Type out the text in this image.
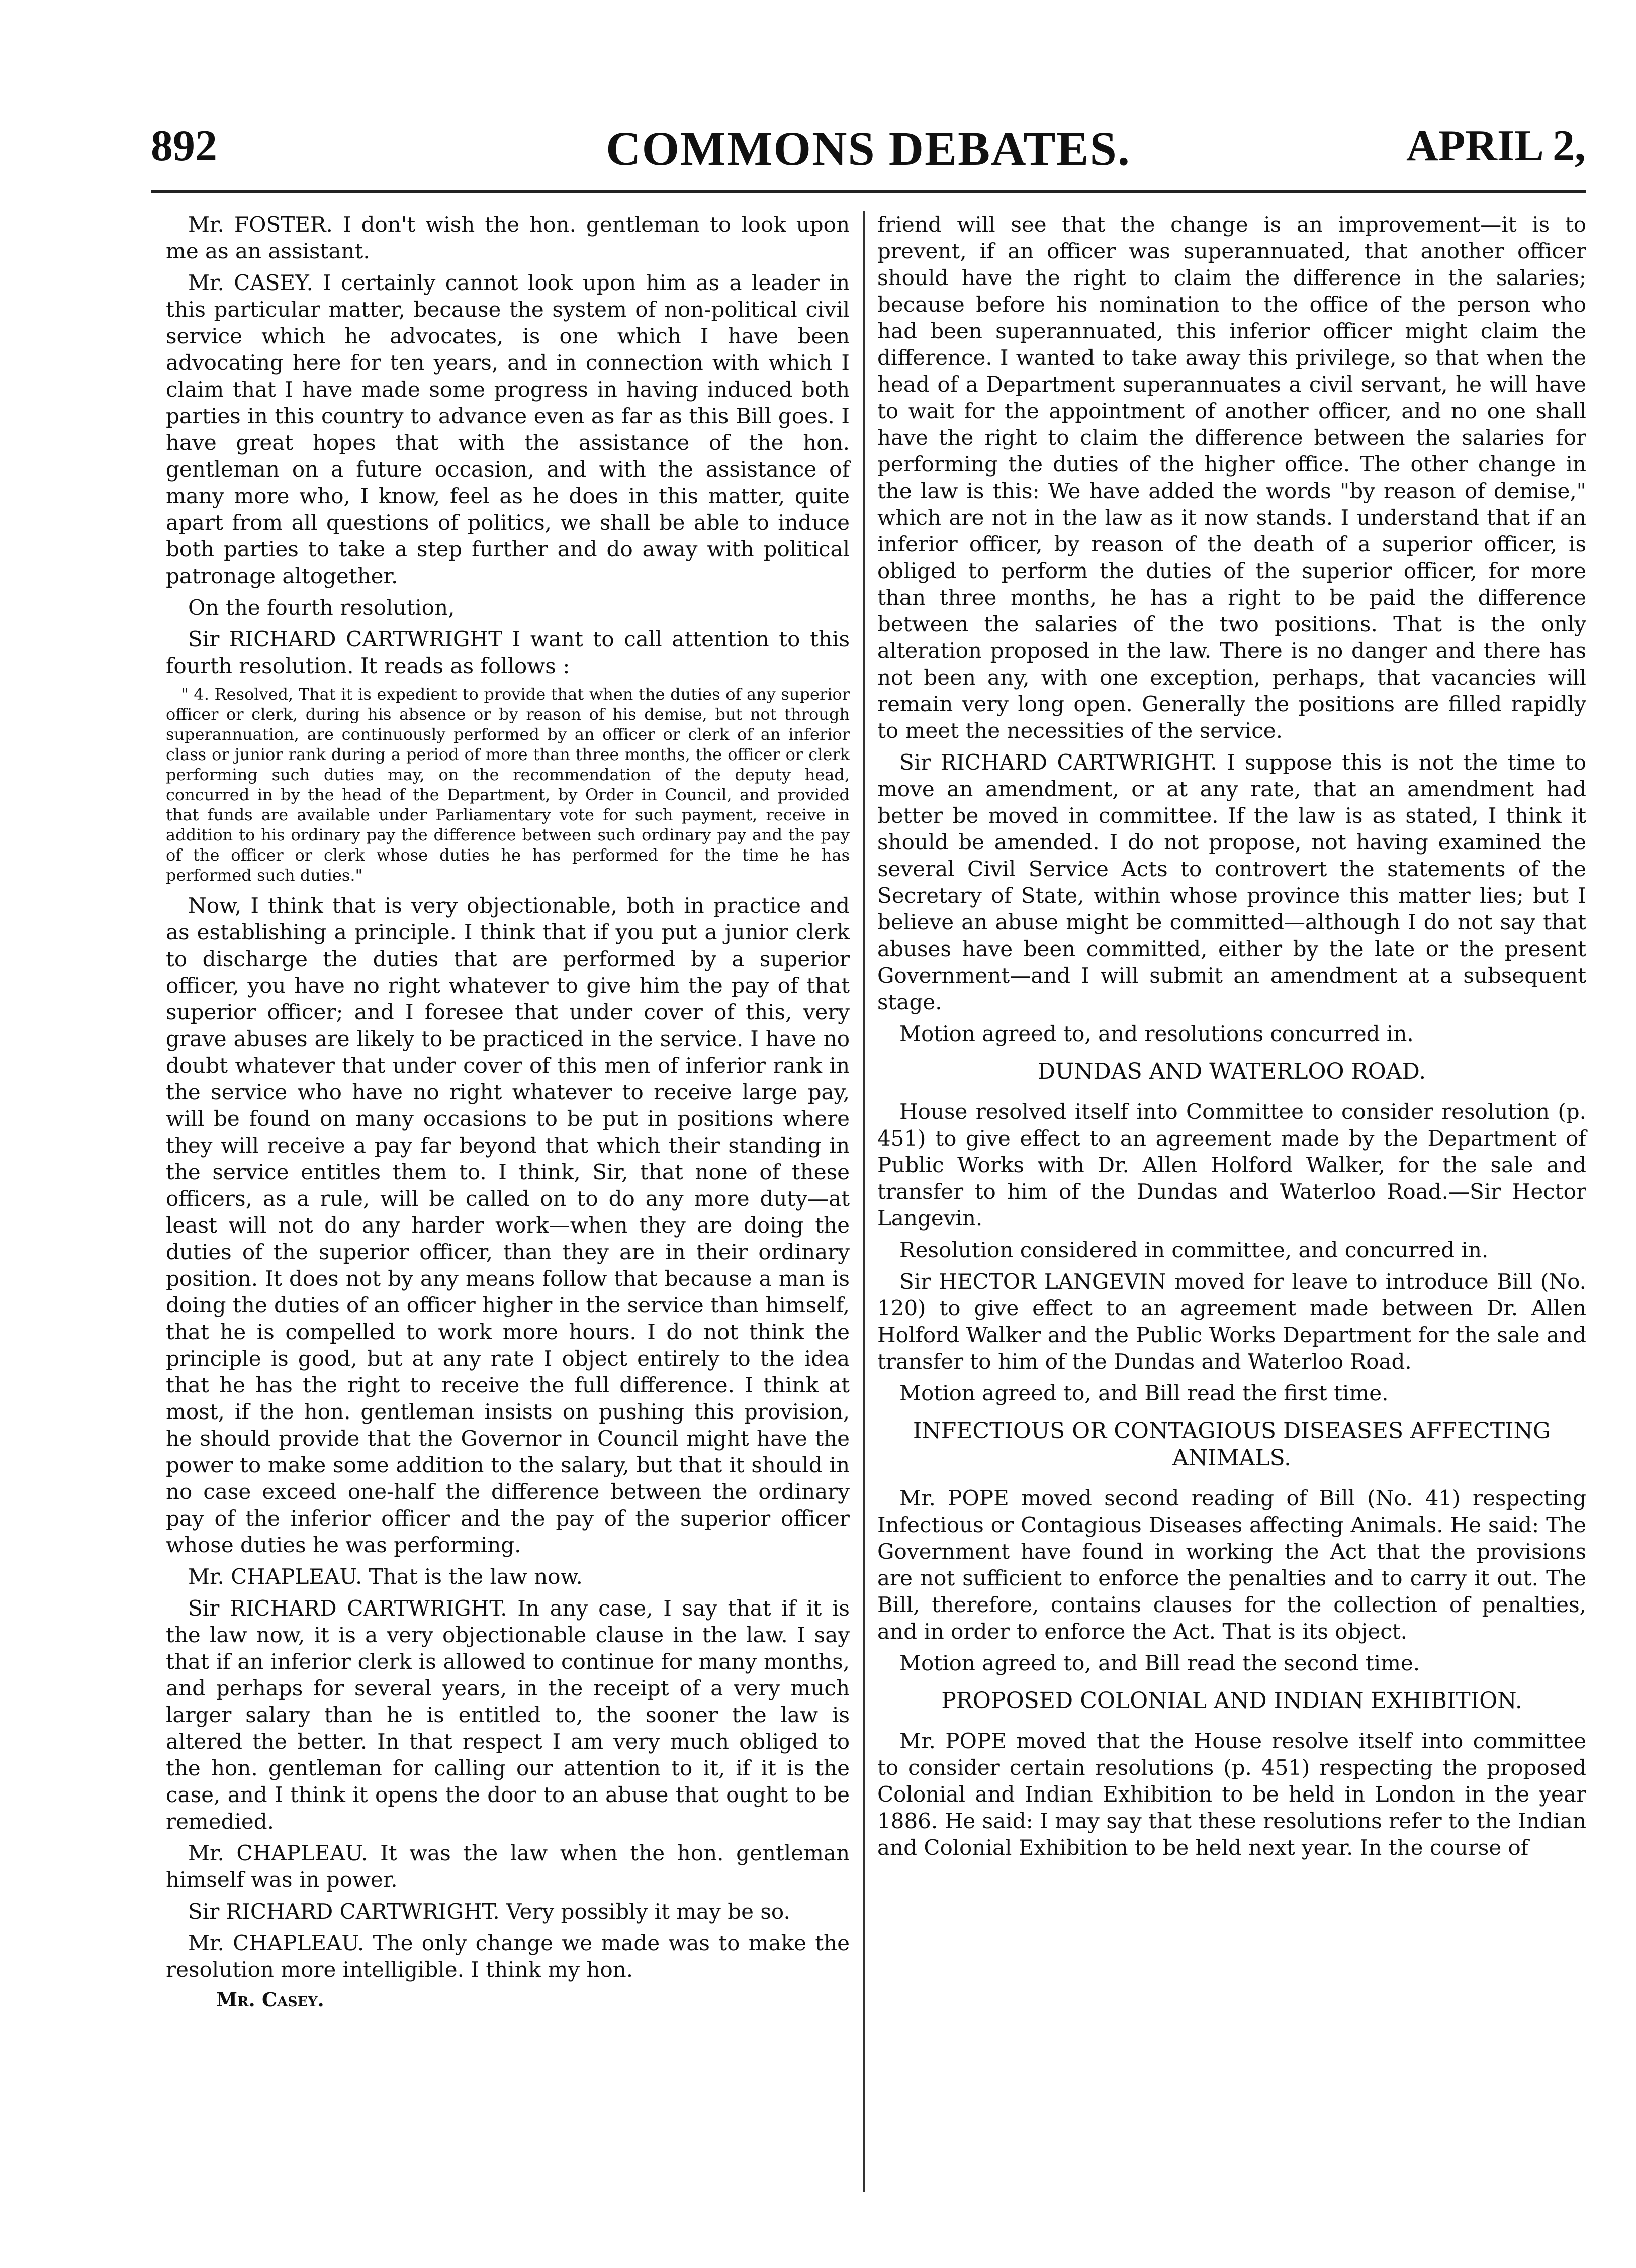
892	COMMONS DEBATES.	APRIL 2,

Mr. FOSTER. I don't wish the hon. gentleman to look upon me as an assistant.

Mr. CASEY. I certainly cannot look upon him as a leader in this particular matter, because the system of non-political civil service which he advocates, is one which I have been advocating here for ten years, and in connection with which I claim that I have made some progress in having induced both parties in this country to advance even as far as this Bill goes. I have great hopes that with the assistance of the hon. gentleman on a future occasion, and with the assistance of many more who, I know, feel as he does in this matter, quite apart from all questions of politics, we shall be able to induce both parties to take a step further and do away with political patronage altogether.

On the fourth resolution,

Sir RICHARD CARTWRIGHT I want to call attention to this fourth resolution. It reads as follows :

" 4. Resolved, That it is expedient to provide that when the duties of any superior officer or clerk, during his absence or by reason of his demise, but not through superannuation, are continuously performed by an officer or clerk of an inferior class or junior rank during a period of more than three months, the officer or clerk performing such duties may, on the recommendation of the deputy head, concurred in by the head of the Department, by Order in Council, and provided that funds are available under Parliamentary vote for such payment, receive in addition to his ordinary pay the difference between such ordinary pay and the pay of the officer or clerk whose duties he has performed for the time he has performed such duties."

Now, I think that is very objectionable, both in practice and as establishing a principle. I think that if you put a junior clerk to discharge the duties that are performed by a superior officer, you have no right whatever to give him the pay of that superior officer; and I foresee that under cover of this, very grave abuses are likely to be practiced in the service. I have no doubt whatever that under cover of this men of inferior rank in the service who have no right whatever to receive large pay, will be found on many occasions to be put in positions where they will receive a pay far beyond that which their standing in the service entitles them to. I think, Sir, that none of these officers, as a rule, will be called on to do any more duty—at least will not do any harder work—when they are doing the duties of the superior officer, than they are in their ordinary position. It does not by any means follow that because a man is doing the duties of an officer higher in the service than himself, that he is compelled to work more hours. I do not think the principle is good, but at any rate I object entirely to the idea that he has the right to receive the full difference. I think at most, if the hon. gentleman insists on pushing this provision, he should provide that the Governor in Council might have the power to make some addition to the salary, but that it should in no case exceed one-half the difference between the ordinary pay of the inferior officer and the pay of the superior officer whose duties he was performing.

Mr. CHAPLEAU. That is the law now.

Sir RICHARD CARTWRIGHT. In any case, I say that if it is the law now, it is a very objectionable clause in the law. I say that if an inferior clerk is allowed to continue for many months, and perhaps for several years, in the receipt of a very much larger salary than he is entitled to, the sooner the law is altered the better. In that respect I am very much obliged to the hon. gentleman for calling our attention to it, if it is the case, and I think it opens the door to an abuse that ought to be remedied.

Mr. CHAPLEAU. It was the law when the hon. gentleman himself was in power.

Sir RICHARD CARTWRIGHT. Very possibly it may be so.

Mr. CHAPLEAU. The only change we made was to make the resolution more intelligible. I think my hon.

Mr. Casey.

friend will see that the change is an improvement—it is to prevent, if an officer was superannuated, that another officer should have the right to claim the difference in the salaries; because before his nomination to the office of the person who had been superannuated, this inferior officer might claim the difference. I wanted to take away this privilege, so that when the head of a Department superannuates a civil servant, he will have to wait for the appointment of another officer, and no one shall have the right to claim the difference between the salaries for performing the duties of the higher office. The other change in the law is this: We have added the words "by reason of demise," which are not in the law as it now stands. I understand that if an inferior officer, by reason of the death of a superior officer, is obliged to perform the duties of the superior officer, for more than three months, he has a right to be paid the difference between the salaries of the two positions. That is the only alteration proposed in the law. There is no danger and there has not been any, with one exception, perhaps, that vacancies will remain very long open. Generally the positions are filled rapidly to meet the necessities of the service.

Sir RICHARD CARTWRIGHT. I suppose this is not the time to move an amendment, or at any rate, that an amendment had better be moved in committee. If the law is as stated, I think it should be amended. I do not propose, not having examined the several Civil Service Acts to controvert the statements of the Secretary of State, within whose province this matter lies; but I believe an abuse might be committed—although I do not say that abuses have been committed, either by the late or the present Government—and I will submit an amendment at a subsequent stage.

Motion agreed to, and resolutions concurred in.

DUNDAS AND WATERLOO ROAD.

House resolved itself into Committee to consider resolution (p. 451) to give effect to an agreement made by the Department of Public Works with Dr. Allen Holford Walker, for the sale and transfer to him of the Dundas and Waterloo Road.—Sir Hector Langevin.

Resolution considered in committee, and concurred in.

Sir HECTOR LANGEVIN moved for leave to introduce Bill (No. 120) to give effect to an agreement made between Dr. Allen Holford Walker and the Public Works Department for the sale and transfer to him of the Dundas and Waterloo Road.

Motion agreed to, and Bill read the first time.

INFECTIOUS OR CONTAGIOUS DISEASES AFFECTING ANIMALS.

Mr. POPE moved second reading of Bill (No. 41) respecting Infectious or Contagious Diseases affecting Animals. He said: The Government have found in working the Act that the provisions are not sufficient to enforce the penalties and to carry it out. The Bill, therefore, contains clauses for the collection of penalties, and in order to enforce the Act. That is its object.

Motion agreed to, and Bill read the second time.

PROPOSED COLONIAL AND INDIAN EXHIBITION.

Mr. POPE moved that the House resolve itself into committee to consider certain resolutions (p. 451) respecting the proposed Colonial and Indian Exhibition to be held in London in the year 1886. He said: I may say that these resolutions refer to the Indian and Colonial Exhibition to be held next year. In the course of
